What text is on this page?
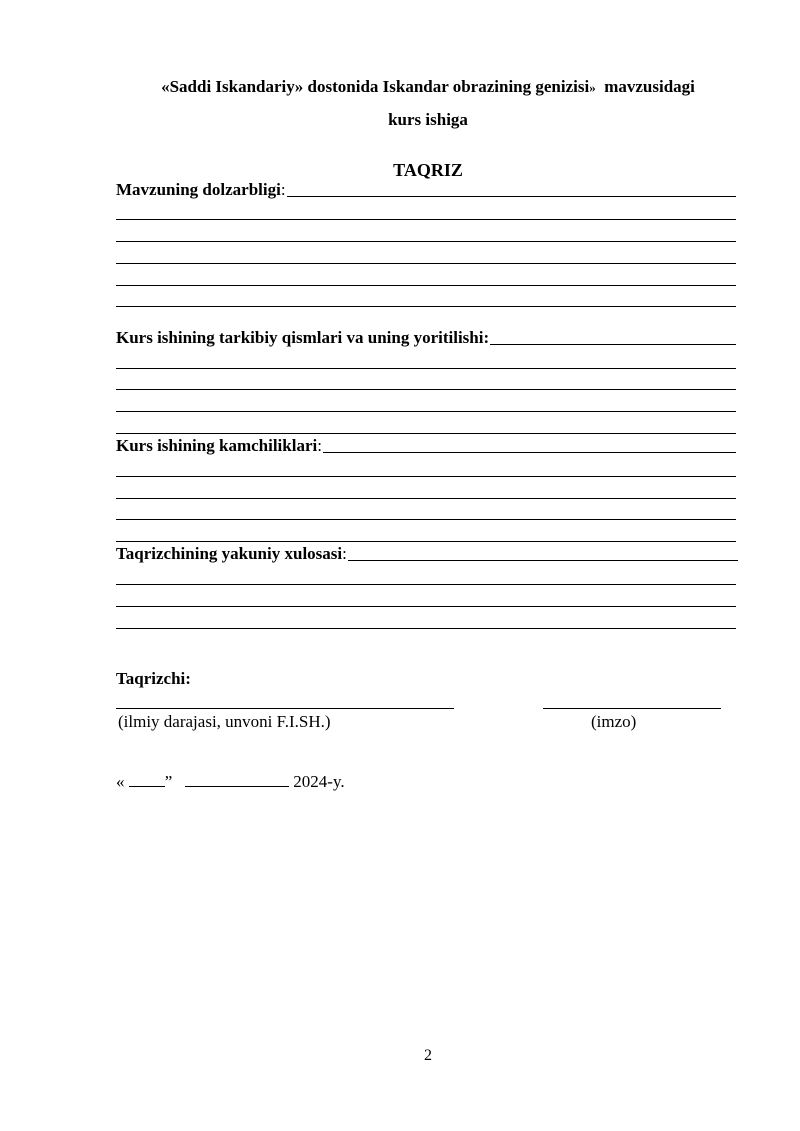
«Saddi Iskandariy» dostonida Iskandar obrazining genizisi» mavzusidagi
kurs ishiga
TAQRIZ
Mavzuning dolzarbligi:
Kurs ishining tarkibiy qismlari va uning yoritilishi:
Kurs ishining kamchiliklari:
Taqrizchining yakuniy xulosasi:
Taqrizchi:
(ilmiy darajasi, unvoni F.I.SH.)	(imzo)
« ”	2024-y.
2
